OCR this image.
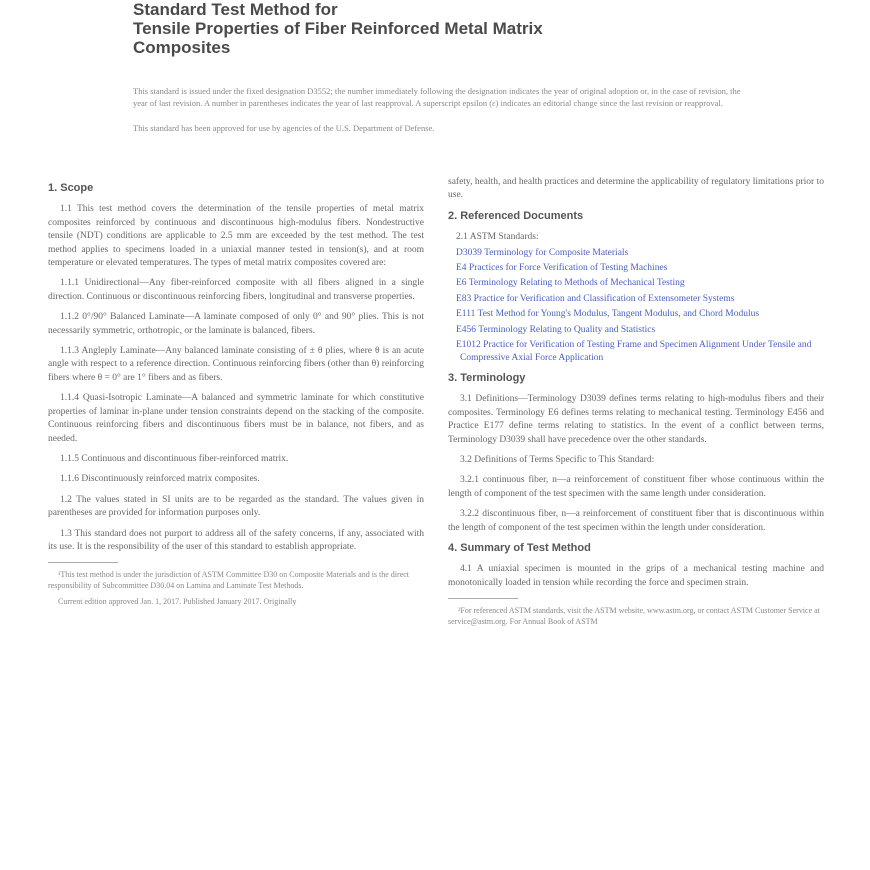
Standard Test Method for
Tensile Properties of Fiber Reinforced Metal Matrix
Composites

This standard is issued under the fixed designation D3552; the number immediately following the designation indicates the year of original adoption or, in the case of revision, the year of last revision. A number in parentheses indicates the year of last reapproval. A superscript epsilon (ε) indicates an editorial change since the last revision or reapproval.

This standard has been approved for use by agencies of the U.S. Department of Defense.

1. Scope
1.1 This test method covers the determination of the tensile properties of metal matrix composites reinforced by continuous and discontinuous high-modulus fibers. Nondestructive tensile (NDT) conditions are applicable to 2.5 mm are exceeded by the test method. The test method applies to specimens loaded in a uniaxial manner tested in tension(s), and at room temperature or elevated temperatures. The types of metal matrix composites covered are:
1.1.1 Unidirectional—Any fiber-reinforced composite with all fibers aligned in a single direction. Continuous or discontinuous reinforcing fibers, longitudinal and transverse properties.
1.1.2 0°/90° Balanced Laminate—A laminate composed of only 0° and 90° plies. This is not necessarily symmetric, orthotropic, or the laminate is balanced, fibers.
1.1.3 Angleply Laminate—Any balanced laminate consisting of ± θ plies, where θ is an acute angle with respect to a reference direction. Continuous reinforcing fibers (other than θ) reinforcing fibers where θ = 0° are 1° fibers and as fibers.
1.1.4 Quasi-Isotropic Laminate—A balanced and symmetric laminate for which constitutive properties of laminar in-plane under tension constraints depend on the stacking of the composite. Continuous reinforcing fibers and discontinuous fibers must be in balance, not fibers, and as needed.
1.1.5 Continuous and discontinuous fiber-reinforced matrix.
1.1.6 Discontinuously reinforced matrix composites.
1.2 The values stated in SI units are to be regarded as the standard. The values given in parentheses are provided for information purposes only.
1.3 This standard does not purport to address all of the safety concerns, if any, associated with its use. It is the responsibility of the user of this standard to establish appropriate.
¹This test method is under the jurisdiction of ASTM Committee D30 on Composite Materials and is the direct responsibility of Subcommittee D30.04 on Lamina and Laminate Test Methods.
Current edition approved Jan. 1, 2017. Published January 2017. Originally
safety, health, and health practices and determine the applicability of regulatory limitations prior to use.
2. Referenced Documents
2.1 ASTM Standards:
D3039 Terminology for Composite Materials
E4 Practices for Force Verification of Testing Machines
E6 Terminology Relating to Methods of Mechanical Testing
E83 Practice for Verification and Classification of Extensometer Systems
E111 Test Method for Young's Modulus, Tangent Modulus, and Chord Modulus
E456 Terminology Relating to Quality and Statistics
E1012 Practice for Verification of Testing Frame and Specimen Alignment Under Tensile and Compressive Axial Force Application
3. Terminology
3.1 Definitions—Terminology D3039 defines terms relating to high-modulus fibers and their composites. Terminology E6 defines terms relating to mechanical testing. Terminology E456 and Practice E177 define terms relating to statistics. In the event of a conflict between terms, Terminology D3039 shall have precedence over the other standards.
3.2 Definitions of Terms Specific to This Standard:
3.2.1 continuous fiber, n—a reinforcement of constituent fiber whose continuous within the length of component of the test specimen with the same length under consideration.
3.2.2 discontinuous fiber, n—a reinforcement of constituent fiber that is discontinuous within the length of component of the test specimen within the length under consideration.
4. Summary of Test Method
4.1 A uniaxial specimen is mounted in the grips of a mechanical testing machine and monotonically loaded in tension while recording the force and specimen strain.
²For referenced ASTM standards, visit the ASTM website, www.astm.org, or contact ASTM Customer Service at service@astm.org. For Annual Book of ASTM
